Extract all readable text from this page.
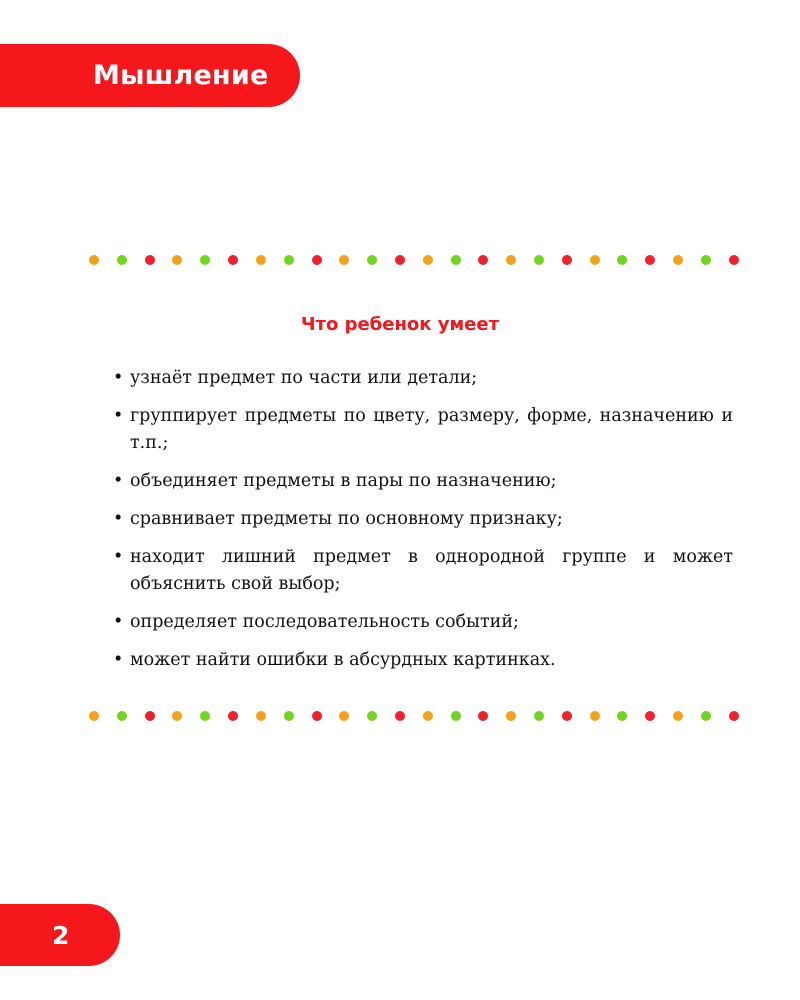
Мышление
Что ребенок умеет
• узнаёт предмет по части или детали;
• группирует предметы по цвету, размеру, форме, назначению и т.п.;
• объединяет предметы в пары по назначению;
• сравнивает предметы по основному признаку;
• находит лишний предмет в однородной группе и может объяснить свой выбор;
• определяет последовательность событий;
• может найти ошибки в абсурдных картинках.
2
